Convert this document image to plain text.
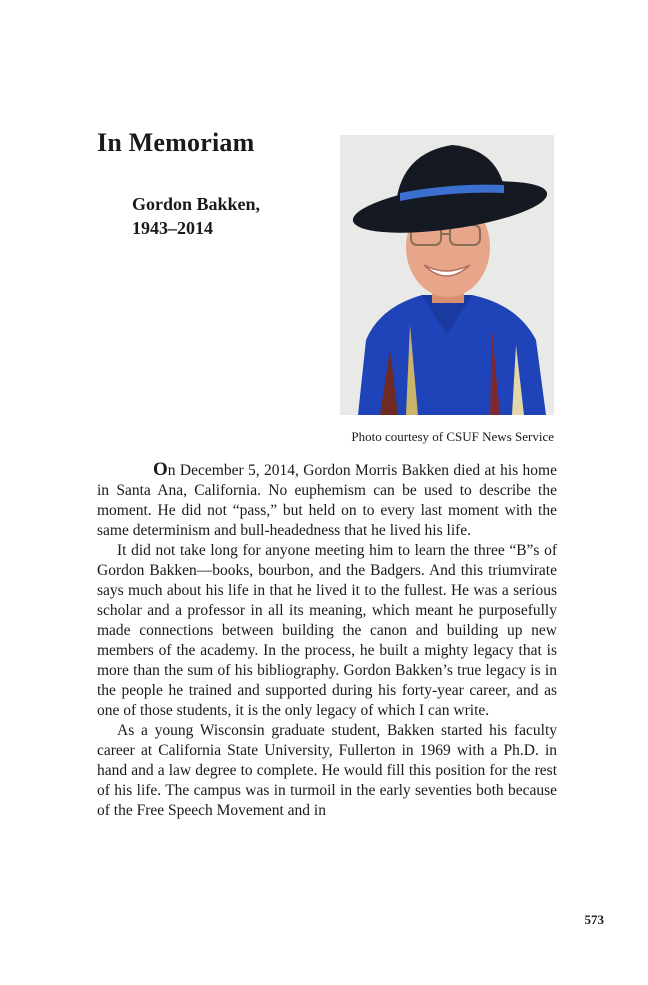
In Memoriam
Gordon Bakken,
1943–2014
Photo courtesy of CSUF News Service

On December 5, 2014, Gordon Morris Bakken died at his home in Santa Ana, California. No euphemism can be used to describe the moment. He did not “pass,” but held on to every last moment with the same determinism and bull-headedness that he lived his life.

It did not take long for anyone meeting him to learn the three “B”s of Gordon Bakken—books, bourbon, and the Badgers. And this triumvirate says much about his life in that he lived it to the fullest. He was a serious scholar and a professor in all its meaning, which meant he purposefully made connections between building the canon and building up new members of the academy. In the process, he built a mighty legacy that is more than the sum of his bibliography. Gordon Bakken’s true legacy is in the people he trained and supported during his forty-year career, and as one of those students, it is the only legacy of which I can write.

As a young Wisconsin graduate student, Bakken started his faculty career at California State University, Fullerton in 1969 with a Ph.D. in hand and a law degree to complete. He would fill this position for the rest of his life. The campus was in turmoil in the early seventies both because of the Free Speech Movement and in

573
